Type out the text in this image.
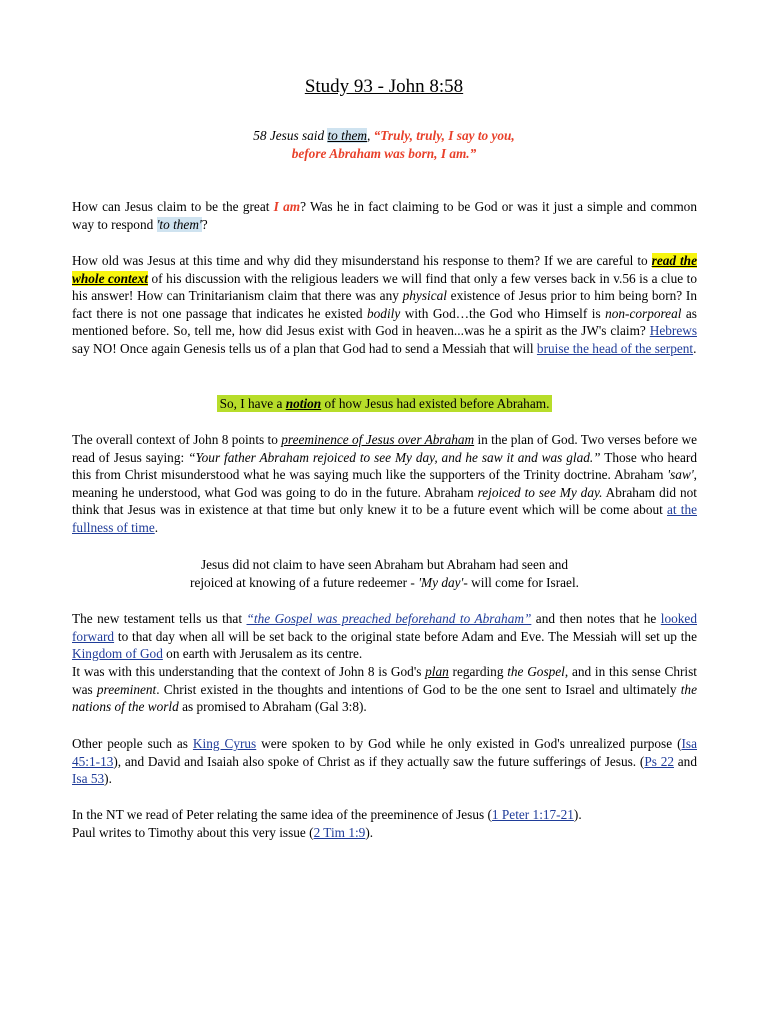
Study 93 - John 8:58
58 Jesus said to them, “Truly, truly, I say to you,
before Abraham was born, I am.”

How can Jesus claim to be the great I am? Was he in fact claiming to be God or was it just a simple and common way to respond 'to them'?

How old was Jesus at this time and why did they misunderstand his response to them? If we are careful to read the whole context of his discussion with the religious leaders we will find that only a few verses back in v.56 is a clue to his answer! How can Trinitarianism claim that there was any physical existence of Jesus prior to him being born? In fact there is not one passage that indicates he existed bodily with God…the God who Himself is non-corporeal as mentioned before. So, tell me, how did Jesus exist with God in heaven...was he a spirit as the JW's claim? Hebrews say NO! Once again Genesis tells us of a plan that God had to send a Messiah that will bruise the head of the serpent.

So, I have a notion of how Jesus had existed before Abraham.

The overall context of John 8 points to preeminence of Jesus over Abraham in the plan of God. Two verses before we read of Jesus saying: “Your father Abraham rejoiced to see My day, and he saw it and was glad.” Those who heard this from Christ misunderstood what he was saying much like the supporters of the Trinity doctrine. Abraham 'saw', meaning he understood, what God was going to do in the future. Abraham rejoiced to see My day. Abraham did not think that Jesus was in existence at that time but only knew it to be a future event which will be come about at the fullness of time.

Jesus did not claim to have seen Abraham but Abraham had seen and
rejoiced at knowing of a future redeemer - 'My day'- will come for Israel.

The new testament tells us that “the Gospel was preached beforehand to Abraham” and then notes that he looked forward to that day when all will be set back to the original state before Adam and Eve. The Messiah will set up the Kingdom of God on earth with Jerusalem as its centre.

It was with this understanding that the context of John 8 is God's plan regarding the Gospel, and in this sense Christ was preeminent. Christ existed in the thoughts and intentions of God to be the one sent to Israel and ultimately the nations of the world as promised to Abraham (Gal 3:8).

Other people such as King Cyrus were spoken to by God while he only existed in God's unrealized purpose (Isa 45:1-13), and David and Isaiah also spoke of Christ as if they actually saw the future sufferings of Jesus. (Ps 22 and Isa 53).

In the NT we read of Peter relating the same idea of the preeminence of Jesus (1 Peter 1:17-21).
Paul writes to Timothy about this very issue (2 Tim 1:9).
